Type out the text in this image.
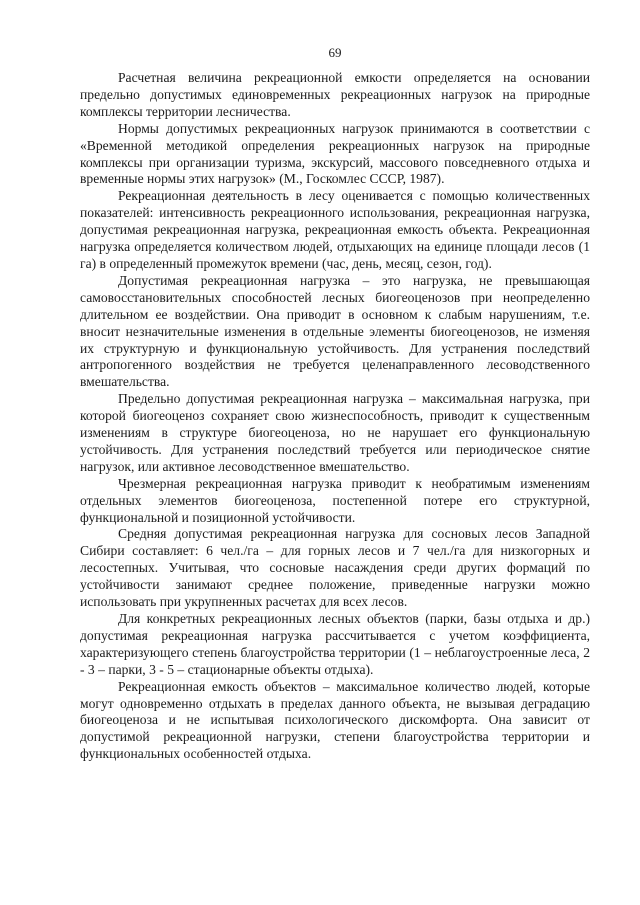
69

Расчетная величина рекреационной емкости определяется на основании предельно допустимых единовременных рекреационных нагрузок на природные комплексы территории лесничества.

Нормы допустимых рекреационных нагрузок принимаются в соответствии с «Временной методикой определения рекреационных нагрузок на природные комплексы при организации туризма, экскурсий, массового повседневного отдыха и временные нормы этих нагрузок» (М., Госкомлес СССР, 1987).

Рекреационная деятельность в лесу оценивается с помощью количественных показателей: интенсивность рекреационного использования, рекреационная нагрузка, допустимая рекреационная нагрузка, рекреационная емкость объекта. Рекреационная нагрузка определяется количеством людей, отдыхающих на единице площади лесов (1 га) в определенный промежуток времени (час, день, месяц, сезон, год).

Допустимая рекреационная нагрузка – это нагрузка, не превышающая самовосстановительных способностей лесных биогеоценозов при неопределенно длительном ее воздействии. Она приводит в основном к слабым нарушениям, т.е. вносит незначительные изменения в отдельные элементы биогеоценозов, не изменяя их структурную и функциональную устойчивость. Для устранения последствий антропогенного воздействия не требуется целенаправленного лесоводственного вмешательства.

Предельно допустимая рекреационная нагрузка – максимальная нагрузка, при которой биогеоценоз сохраняет свою жизнеспособность, приводит к существенным изменениям в структуре биогеоценоза, но не нарушает его функциональную устойчивость. Для устранения последствий требуется или периодическое снятие нагрузок, или активное лесоводственное вмешательство.

Чрезмерная рекреационная нагрузка приводит к необратимым изменениям отдельных элементов биогеоценоза, постепенной потере его структурной, функциональной и позиционной устойчивости.

Средняя допустимая рекреационная нагрузка для сосновых лесов Западной Сибири составляет: 6 чел./га – для горных лесов и 7 чел./га для низкогорных и лесостепных. Учитывая, что сосновые насаждения среди других формаций по устойчивости занимают среднее положение, приведенные нагрузки можно использовать при укрупненных расчетах для всех лесов.

Для конкретных рекреационных лесных объектов (парки, базы отдыха и др.) допустимая рекреационная нагрузка рассчитывается с учетом коэффициента, характеризующего степень благоустройства территории (1 – неблагоустроенные леса, 2 - 3 – парки, 3 - 5 – стационарные объекты отдыха).

Рекреационная емкость объектов – максимальное количество людей, которые могут одновременно отдыхать в пределах данного объекта, не вызывая деградацию биогеоценоза и не испытывая психологического дискомфорта. Она зависит от допустимой рекреационной нагрузки, степени благоустройства территории и функциональных особенностей отдыха.
